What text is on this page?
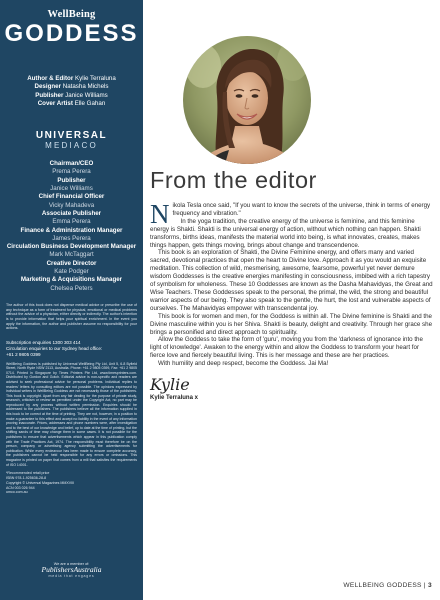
WellBeing
GODDESS
Author & Editor Kylie Terraluna
Designer Natasha Michels
Publisher Janice Williams
Cover Artist Elle Gahan
UNIVERSAL
MEDIACO
Chairman/CEO
Prema Perera
Publisher
Janice Williams
Chief Financial Officer
Vicky Mahadeva
Associate Publisher
Emma Perera
Finance & Administration Manager
James Perera
Circulation Business Development Manager
Mark McTaggart
Creative Director
Kate Podger
Marketing & Acquisitions Manager
Chelsea Peters
The author of this book does not dispense medical advice or prescribe the use of any technique as a form of treatment for physical, emotional or medical problems without the advice of a physician, either directly or indirectly. The author's intention is to provide information that helps your spiritual enrichment. In the event you apply the information, the author and publisher assume no responsibility for your actions.
Subscription enquiries 1300 303 414
Circulation enquiries to our Sydney head office:
+61 2 9805 0399
WellBeing Goddess is published by Universal WellBeing Pty Ltd, Unit 5, 6-8 Byfield Street, North Ryde NSW 2113, Australia. Phone: +61 2 9805 0399, Fax: +61 2 9805 0714. Printed in Singapore by Times Printers Pte Ltd, www.timesprinters.com. Distributed by Gordon and Gotch. Editorial advice is non-specific and readers are advised to seek professional advice for personal problems. Individual replies to readers' letters by consulting editors are not possible. The opinions expressed by individual writers in WellBeing Goddess are not necessarily those of the publishers. This book is copyright. Apart from any fair dealing for the purpose of private study, research, criticism or review as permitted under the Copyright Act, no part may be reproduced by any process without written permission. Enquiries should be addressed to the publishers. The publishers believe all the information supplied in this book to be correct at the time of printing. They are not, however, in a position to make a guarantee to this effect and accept no liability in the event of any information proving inaccurate. Prices, addresses and phone numbers were, after investigation and to the best of our knowledge and belief, up to date at the time of printing, but the shifting sands of time may change them in some cases. It is not possible for the publishers to ensure that advertisements which appear in this publication comply with the Trade Practices Act, 1974. The responsibility must therefore be on the person, company or advertising agency submitting the advertisements for publication. While every endeavour has been made to ensure complete accuracy, the publishers cannot be held responsible for any errors or omissions. This magazine is printed on paper that comes from a mill that satisfies the requirements of ISO 14001.
*Recommended retail price
ISBN 978-1-925636-28-8
Copyright © Universal Magazines MMXVIII
ACN 003 026 944
umco.com.au
We are a member of:
PublishersAustralia
media that engages
From the editor

Nikola Tesla once said, "If you want to know the secrets of the universe, think in terms of energy frequency and vibration."

In the yoga tradition, the creative energy of the universe is feminine, and this feminine energy is Shakti. Shakti is the universal energy of action, without which nothing can happen. Shakti transforms, births ideas, manifests the material world into being, is what innovates, creates, makes things happen, gets things moving, brings about change and transcendence.

This book is an exploration of Shakti, the Divine Feminine energy, and offers many and varied sacred, devotional practices that open the heart to Divine love. Approach it as you would an exquisite meditation. This collection of wild, mesmerising, awesome, fearsome, powerful yet never demure wisdom Goddesses is the creative energies manifesting in consciousness, imbibed with a rich tapestry of symbolism for wholeness. These 10 Goddesses are known as the Dasha Mahavidyas, the Great and Wise Teachers. These Goddesses speak to the personal, the primal, the wild, the strong and beautiful warrior aspects of our being. They also speak to the gentle, the hurt, the lost and vulnerable aspects of ourselves. The Mahavidyas empower with transcendental joy.

This book is for women and men, for the Goddess is within all. The Divine feminine is Shakti and the Divine masculine within you is her Shiva. Shakti is beauty, delight and creativity. Through her grace she brings a personified and direct approach to spirituality.

Allow the Goddess to take the form of 'guru', moving you from the 'darkness of ignorance into the light of knowledge'. Awaken to the energy within and allow the Goddess to transform your heart for fierce love and fiercely beautiful living. This is her message and these are her practices.

With humility and deep respect, become the Goddess. Jai Ma!

Kylie
Kylie Terraluna x
WELLBEING GODDESS | 3
